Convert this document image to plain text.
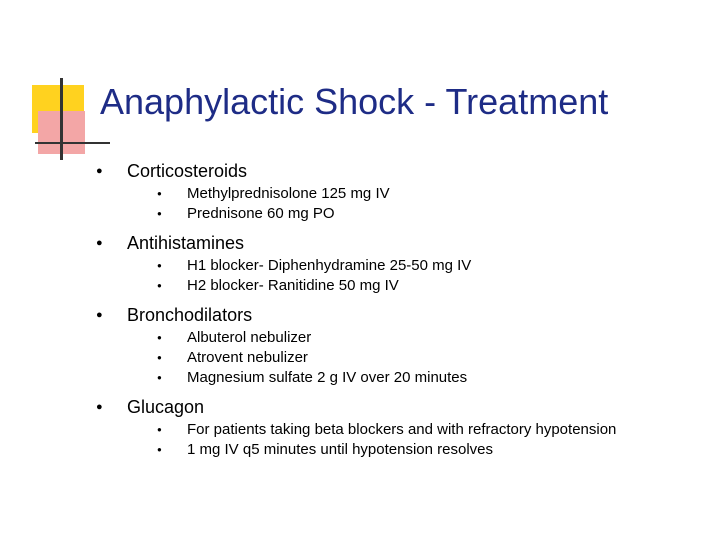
Anaphylactic Shock - Treatment
● Corticosteroids
● Methylprednisolone 125 mg IV
● Prednisone 60 mg PO
● Antihistamines
● H1 blocker- Diphenhydramine 25-50 mg IV
● H2 blocker- Ranitidine 50 mg IV
● Bronchodilators
● Albuterol nebulizer
● Atrovent nebulizer
● Magnesium sulfate 2 g IV over 20 minutes
● Glucagon
● For patients taking beta blockers and with refractory hypotension
● 1 mg IV q5 minutes until hypotension resolves
